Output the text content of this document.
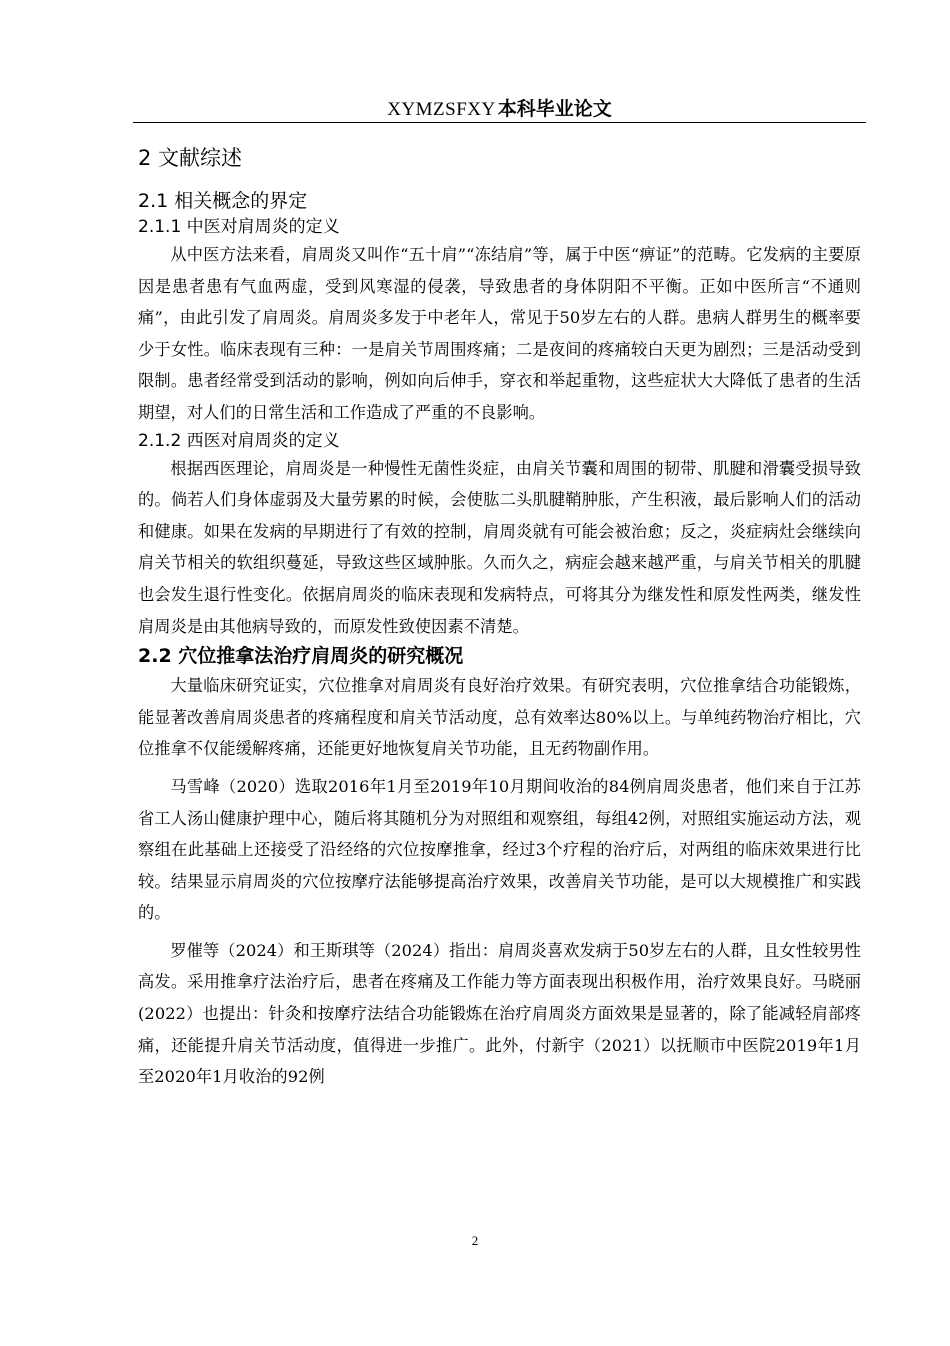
XYMZSFXY 本科毕业论文
2 文献综述
2.1 相关概念的界定
2.1.1 中医对肩周炎的定义

从中医方法来看，肩周炎又叫作“五十肩”“冻结肩”等，属于中医“痹证”的范畴。它发病的主要原因是患者患有气血两虚，受到风寒湿的侵袭，导致患者的身体阴阳不平衡。正如中医所言“不通则痛”，由此引发了肩周炎。肩周炎多发于中老年人，常见于50岁左右的人群。患病人群男生的概率要少于女性。临床表现有三种：一是肩关节周围疼痛；二是夜间的疼痛较白天更为剧烈；三是活动受到限制。患者经常受到活动的影响，例如向后伸手，穿衣和举起重物，这些症状大大降低了患者的生活期望，对人们的日常生活和工作造成了严重的不良影响。

2.1.2 西医对肩周炎的定义

根据西医理论，肩周炎是一种慢性无菌性炎症，由肩关节囊和周围的韧带、肌腱和滑囊受损导致的。倘若人们身体虚弱及大量劳累的时候，会使肱二头肌腱鞘肿胀，产生积液，最后影响人们的活动和健康。如果在发病的早期进行了有效的控制，肩周炎就有可能会被治愈；反之，炎症病灶会继续向肩关节相关的软组织蔓延，导致这些区域肿胀。久而久之，病症会越来越严重，与肩关节相关的肌腱也会发生退行性变化。依据肩周炎的临床表现和发病特点，可将其分为继发性和原发性两类，继发性肩周炎是由其他病导致的，而原发性致使因素不清楚。

2.2 穴位推拿法治疗肩周炎的研究概况

大量临床研究证实，穴位推拿对肩周炎有良好治疗效果。有研究表明，穴位推拿结合功能锻炼，能显著改善肩周炎患者的疼痛程度和肩关节活动度，总有效率达80%以上。与单纯药物治疗相比，穴位推拿不仅能缓解疼痛，还能更好地恢复肩关节功能，且无药物副作用。

马雪峰（2020）选取2016年1月至2019年10月期间收治的84例肩周炎患者，他们来自于江苏省工人汤山健康护理中心，随后将其随机分为对照组和观察组，每组42例，对照组实施运动方法，观察组在此基础上还接受了沿经络的穴位按摩推拿，经过3个疗程的治疗后，对两组的临床效果进行比较。结果显示肩周炎的穴位按摩疗法能够提高治疗效果，改善肩关节功能，是可以大规模推广和实践的。

罗催等（2024）和王斯琪等（2024）指出：肩周炎喜欢发病于50岁左右的人群，且女性较男性高发。采用推拿疗法治疗后，患者在疼痛及工作能力等方面表现出积极作用，治疗效果良好。马晓丽(2022）也提出：针灸和按摩疗法结合功能锻炼在治疗肩周炎方面效果是显著的，除了能减轻肩部疼痛，还能提升肩关节活动度，值得进一步推广。此外，付新宇（2021）以抚顺市中医院2019年1月至2020年1月收治的92例

2
